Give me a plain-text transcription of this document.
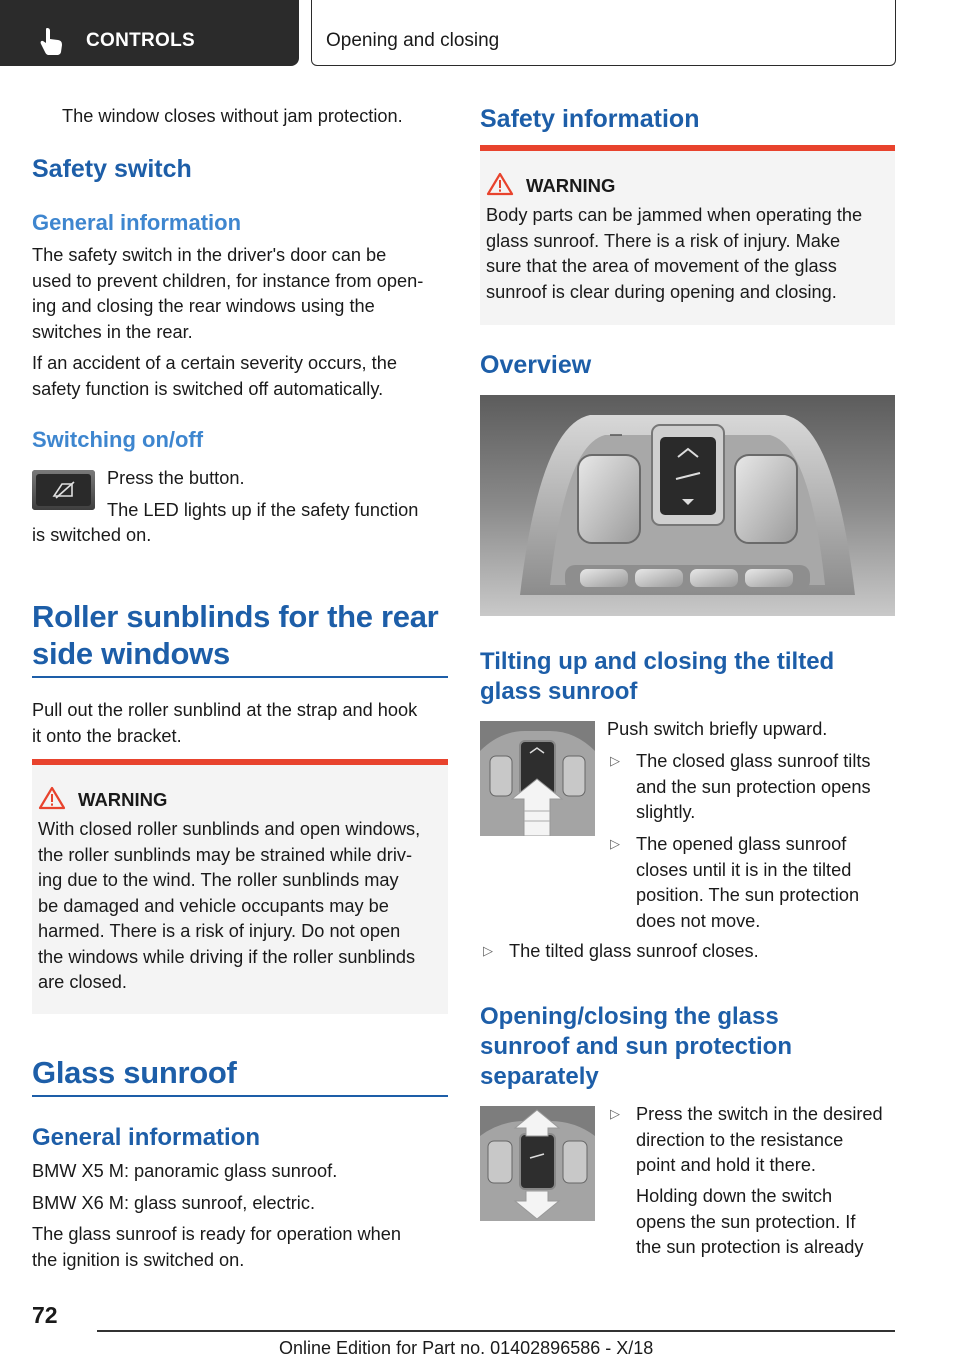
CONTROLS	Opening and closing
The window closes without jam protection.
Safety switch
General information
The safety switch in the driver's door can be
used to prevent children, for instance from open‐
ing and closing the rear windows using the
switches in the rear.
If an accident of a certain severity occurs, the
safety function is switched off automatically.
Switching on/off
Press the button.
The LED lights up if the safety function
is switched on.
Roller sunblinds for the rear
side windows
Pull out the roller sunblind at the strap and hook
it onto the bracket.
WARNING
With closed roller sunblinds and open windows,
the roller sunblinds may be strained while driv‐
ing due to the wind. The roller sunblinds may
be damaged and vehicle occupants may be
harmed. There is a risk of injury. Do not open
the windows while driving if the roller sunblinds
are closed.
Glass sunroof
General information
BMW X5 M: panoramic glass sunroof.
BMW X6 M: glass sunroof, electric.
The glass sunroof is ready for operation when
the ignition is switched on.
Safety information
WARNING
Body parts can be jammed when operating the
glass sunroof. There is a risk of injury. Make
sure that the area of movement of the glass
sunroof is clear during opening and closing.
Overview
Tilting up and closing the tilted
glass sunroof
Push switch briefly upward.
▷ The closed glass sunroof tilts
and the sun protection opens
slightly.
▷ The opened glass sunroof
closes until it is in the tilted
position. The sun protection
does not move.
▷ The tilted glass sunroof closes.
Opening/closing the glass
sunroof and sun protection
separately
▷ Press the switch in the desired
direction to the resistance
point and hold it there.
Holding down the switch
opens the sun protection. If
the sun protection is already
72
Online Edition for Part no. 01402896586 - X/18
